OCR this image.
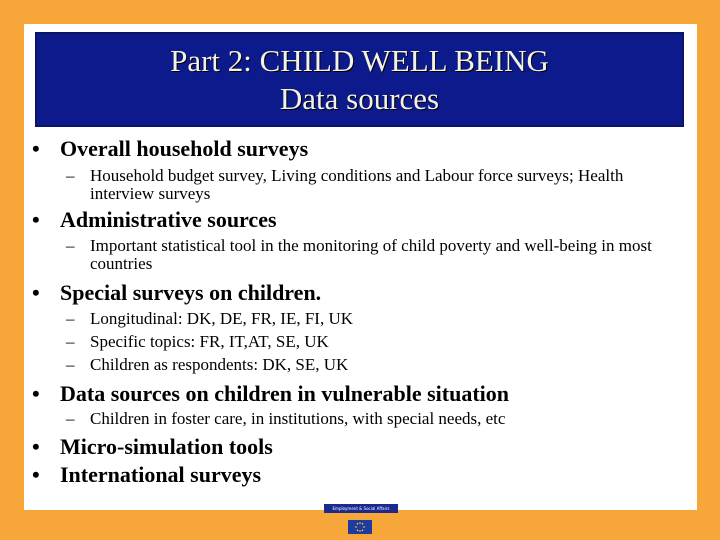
Part 2: CHILD WELL BEING
Data sources
• Overall household surveys
– Household budget survey, Living conditions and Labour force surveys; Health interview surveys
• Administrative sources
– Important statistical tool in the monitoring of child poverty and well-being in most countries
• Special surveys on children.
– Longitudinal: DK, DE, FR, IE, FI, UK
– Specific topics: FR, IT,AT, SE, UK
– Children as respondents: DK, SE, UK
• Data sources on children in vulnerable situation
– Children in foster care, in institutions, with special needs, etc
• Micro-simulation tools
• International surveys
Employment & Social Affairs
